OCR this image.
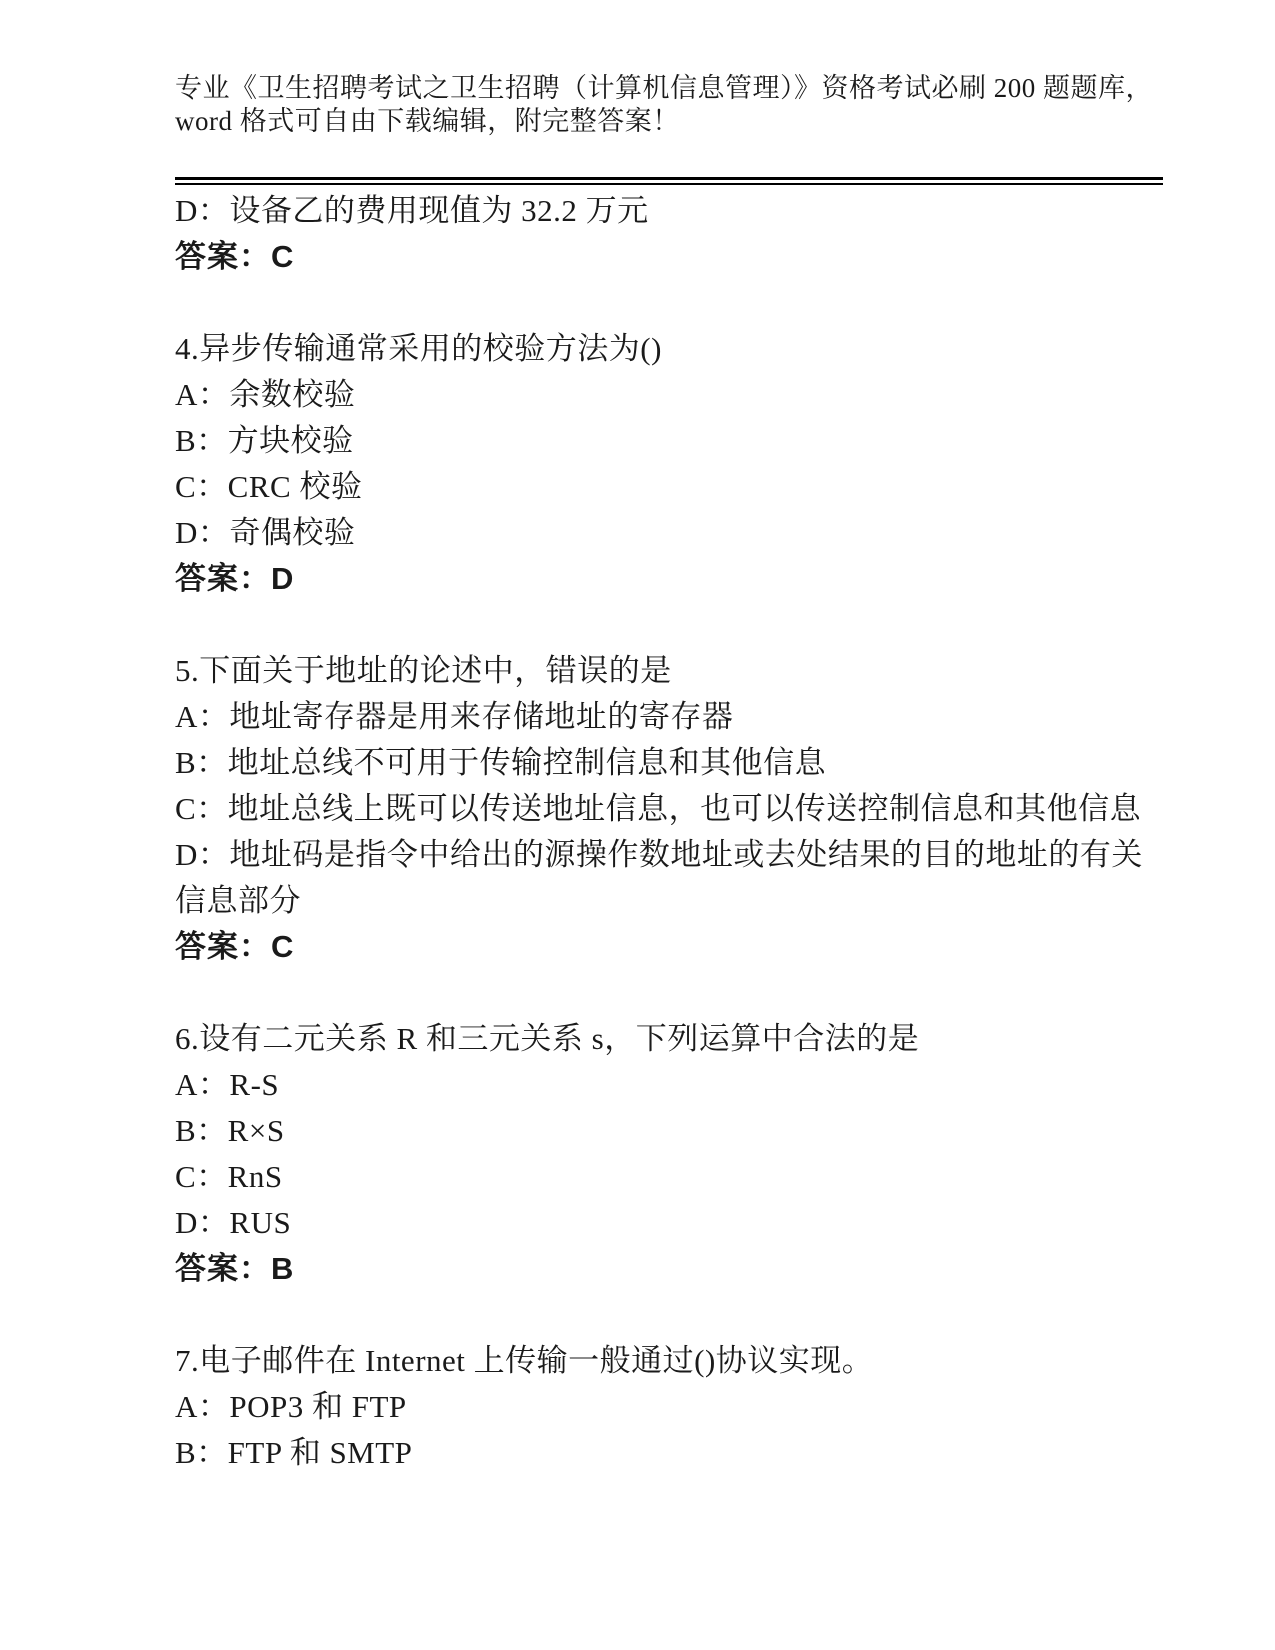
专业《卫生招聘考试之卫生招聘（计算机信息管理）》资格考试必刷 200 题题库，
word 格式可自由下载编辑，附完整答案！
D：设备乙的费用现值为 32.2 万元
答案：C
4.异步传输通常采用的校验方法为()
A：余数校验
B：方块校验
C：CRC 校验
D：奇偶校验
答案：D
5.下面关于地址的论述中，错误的是
A：地址寄存器是用来存储地址的寄存器
B：地址总线不可用于传输控制信息和其他信息
C：地址总线上既可以传送地址信息，也可以传送控制信息和其他信息
D：地址码是指令中给出的源操作数地址或去处结果的目的地址的有关信息部分
答案：C
6.设有二元关系 R 和三元关系 s，下列运算中合法的是
A：R-S
B：R×S
C：RnS
D：RUS
答案：B
7.电子邮件在 Internet 上传输一般通过()协议实现。
A：POP3 和 FTP
B：FTP 和 SMTP
